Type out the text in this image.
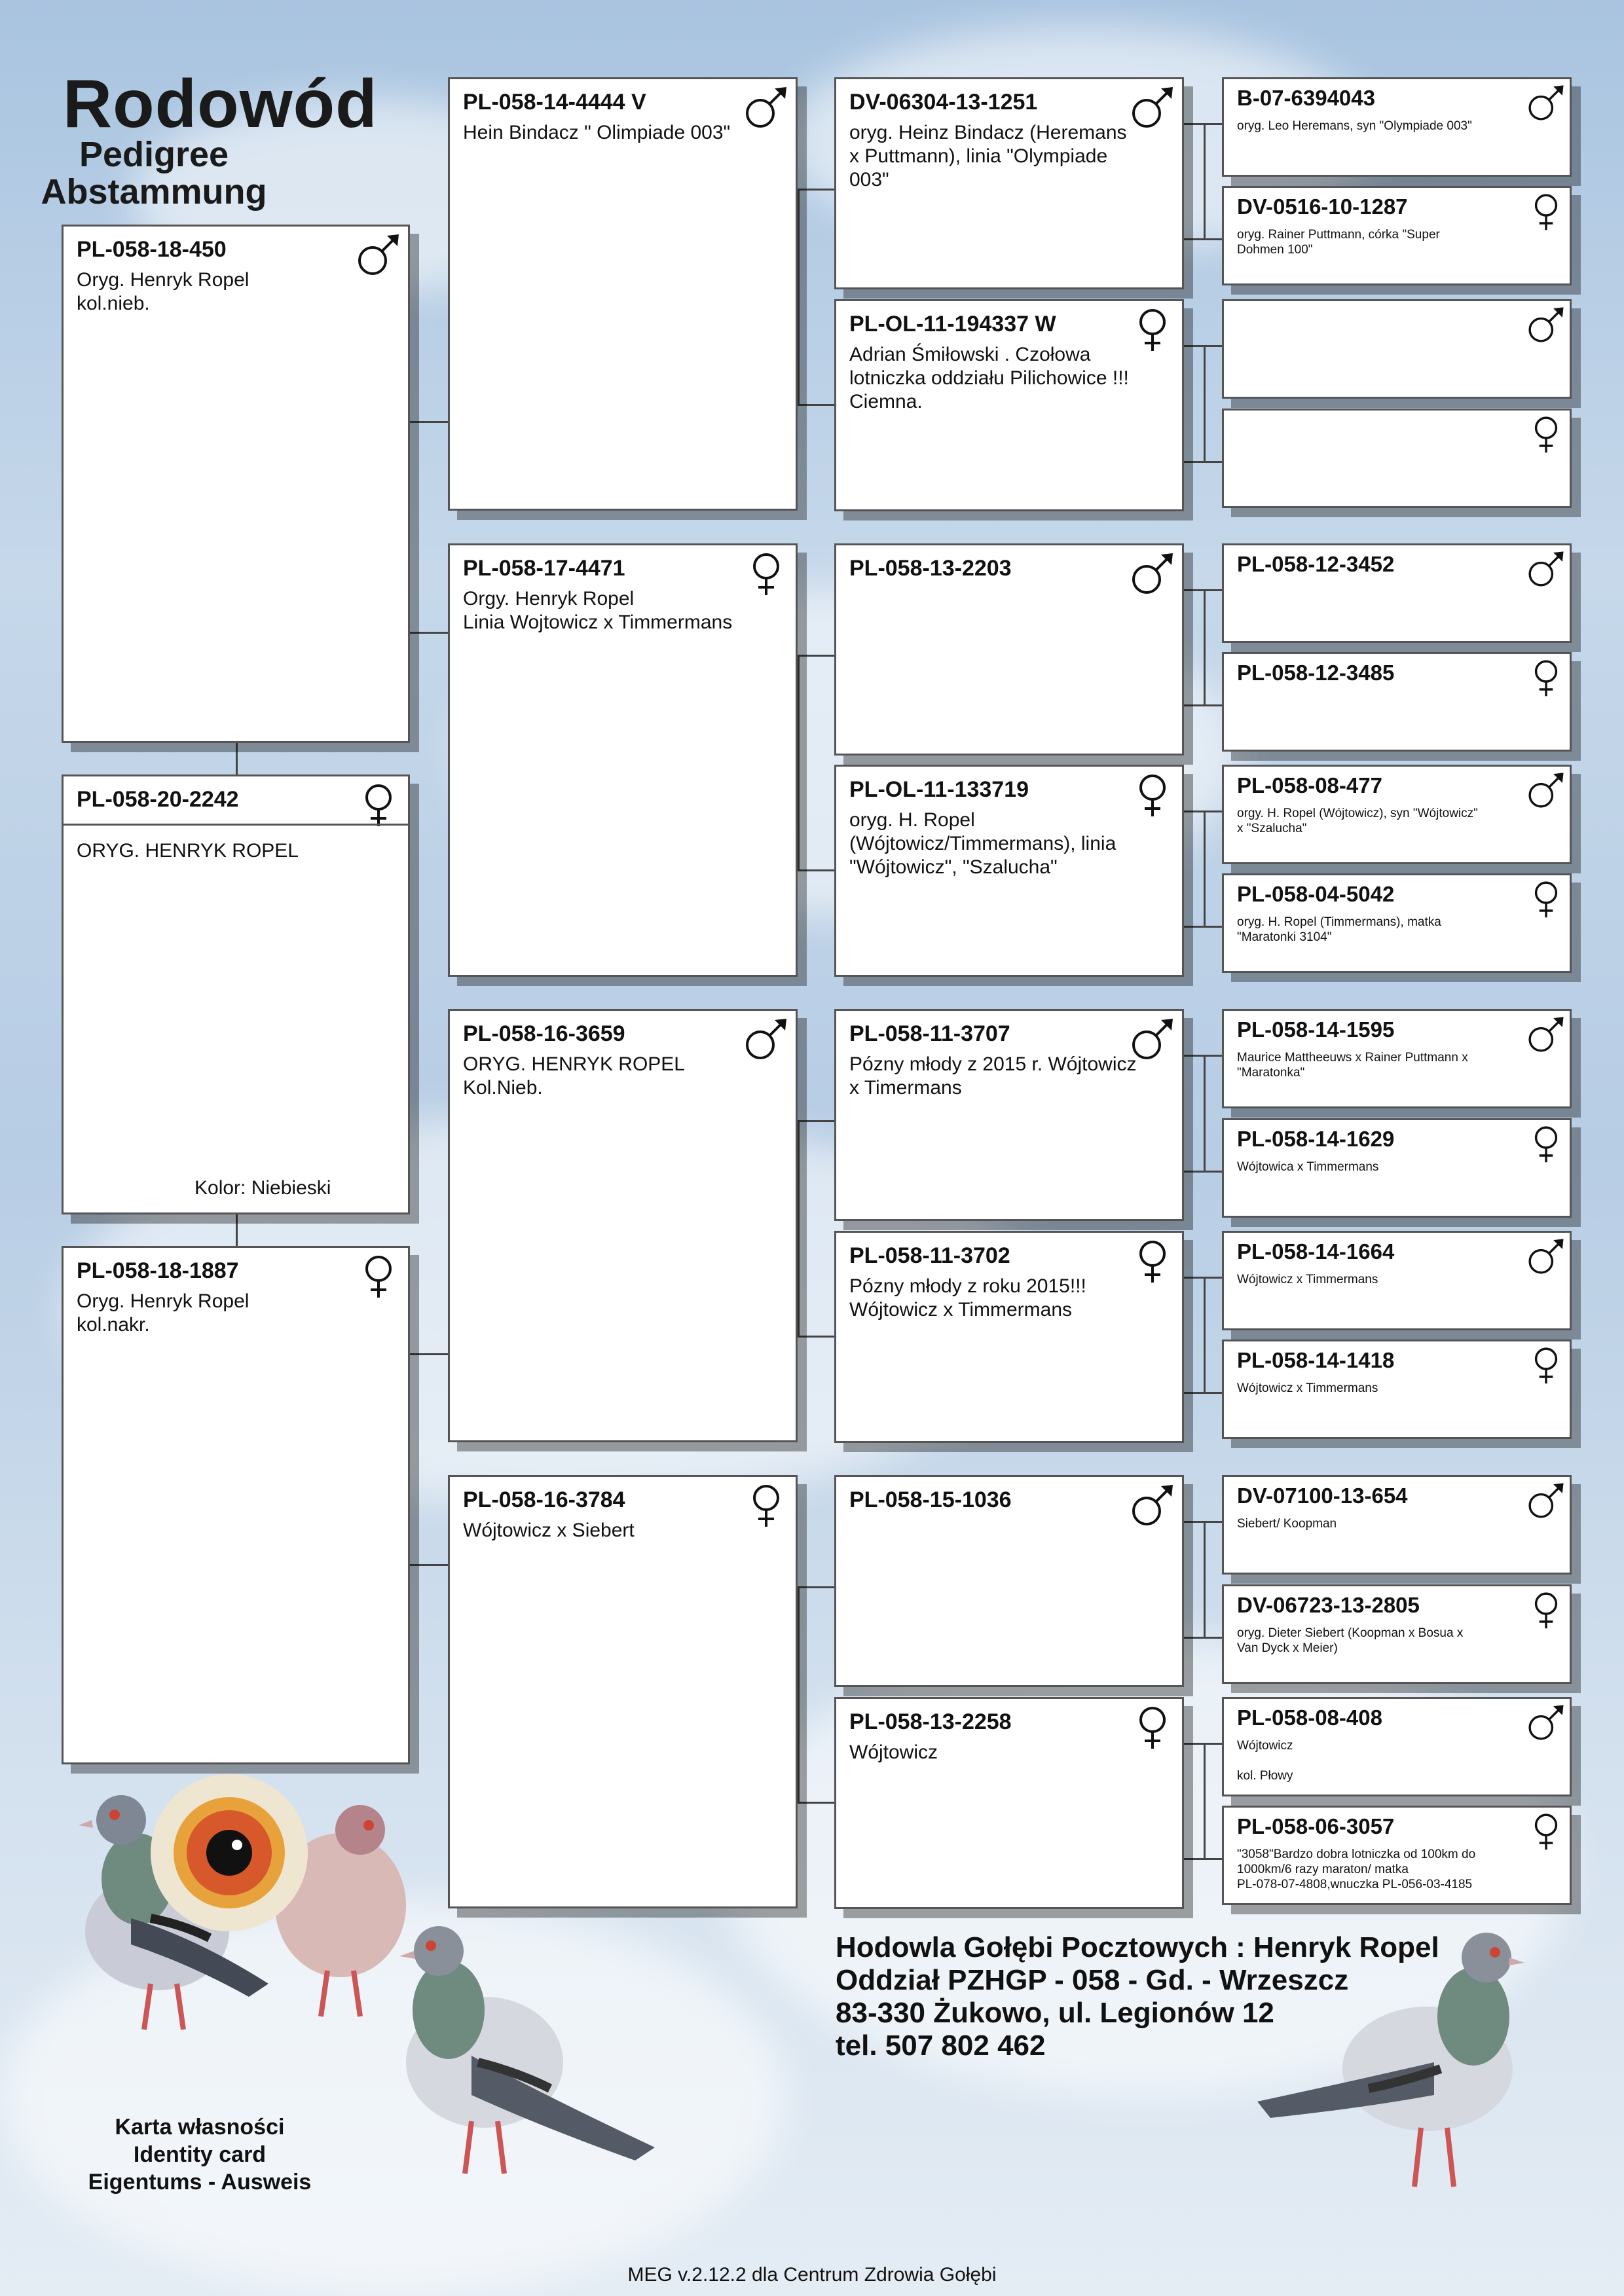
Rodowód
Pedigree
Abstammung
PL-058-18-450
Oryg. Henryk Ropel
kol.nieb.
PL-058-20-2242
ORYG. HENRYK ROPEL
Kolor: Niebieski
PL-058-18-1887
Oryg. Henryk Ropel
kol.nakr.
PL-058-14-4444 V
Hein Bindacz " Olimpiade 003"
PL-058-17-4471
Orgy. Henryk Ropel
Linia Wojtowicz x Timmermans
PL-058-16-3659
ORYG. HENRYK ROPEL
Kol.Nieb.
PL-058-16-3784
Wójtowicz x Siebert
DV-06304-13-1251
oryg. Heinz Bindacz (Heremans
x Puttmann), linia "Olympiade
003"
PL-OL-11-194337 W
Adrian Śmiłowski . Czołowa
lotniczka oddziału Pilichowice !!!
Ciemna.
PL-058-13-2203
PL-OL-11-133719
oryg. H. Ropel
(Wójtowicz/Timmermans), linia
"Wójtowicz", "Szalucha"
PL-058-11-3707
Pózny młody z 2015 r. Wójtowicz
x Timermans
PL-058-11-3702
Pózny młody z roku 2015!!!
Wójtowicz x Timmermans
PL-058-15-1036
PL-058-13-2258
Wójtowicz
B-07-6394043
oryg. Leo Heremans, syn "Olympiade 003"
DV-0516-10-1287
oryg. Rainer Puttmann, córka "Super
Dohmen 100"
PL-058-12-3452
PL-058-12-3485
PL-058-08-477
orgy. H. Ropel (Wójtowicz), syn "Wójtowicz"
x "Szalucha"
PL-058-04-5042
oryg. H. Ropel (Timmermans), matka
"Maratonki 3104"
PL-058-14-1595
Maurice Mattheeuws x Rainer Puttmann x
"Maratonka"
PL-058-14-1629
Wójtowica x Timmermans
PL-058-14-1664
Wójtowicz x Timmermans
PL-058-14-1418
Wójtowicz x Timmermans
DV-07100-13-654
Siebert/ Koopman
DV-06723-13-2805
oryg. Dieter Siebert (Koopman x Bosua x
Van Dyck x Meier)
PL-058-08-408
Wójtowicz

kol. Płowy
PL-058-06-3057
"3058"Bardzo dobra lotniczka od 100km do
1000km/6 razy maraton/ matka
PL-078-07-4808,wnuczka PL-056-03-4185
Hodowla Gołębi Pocztowych : Henryk Ropel
Oddział PZHGP - 058 - Gd. - Wrzeszcz
83-330 Żukowo, ul. Legionów 12
tel. 507 802 462
Karta własności
Identity card
Eigentums - Ausweis
MEG v.2.12.2 dla Centrum Zdrowia Gołębi
